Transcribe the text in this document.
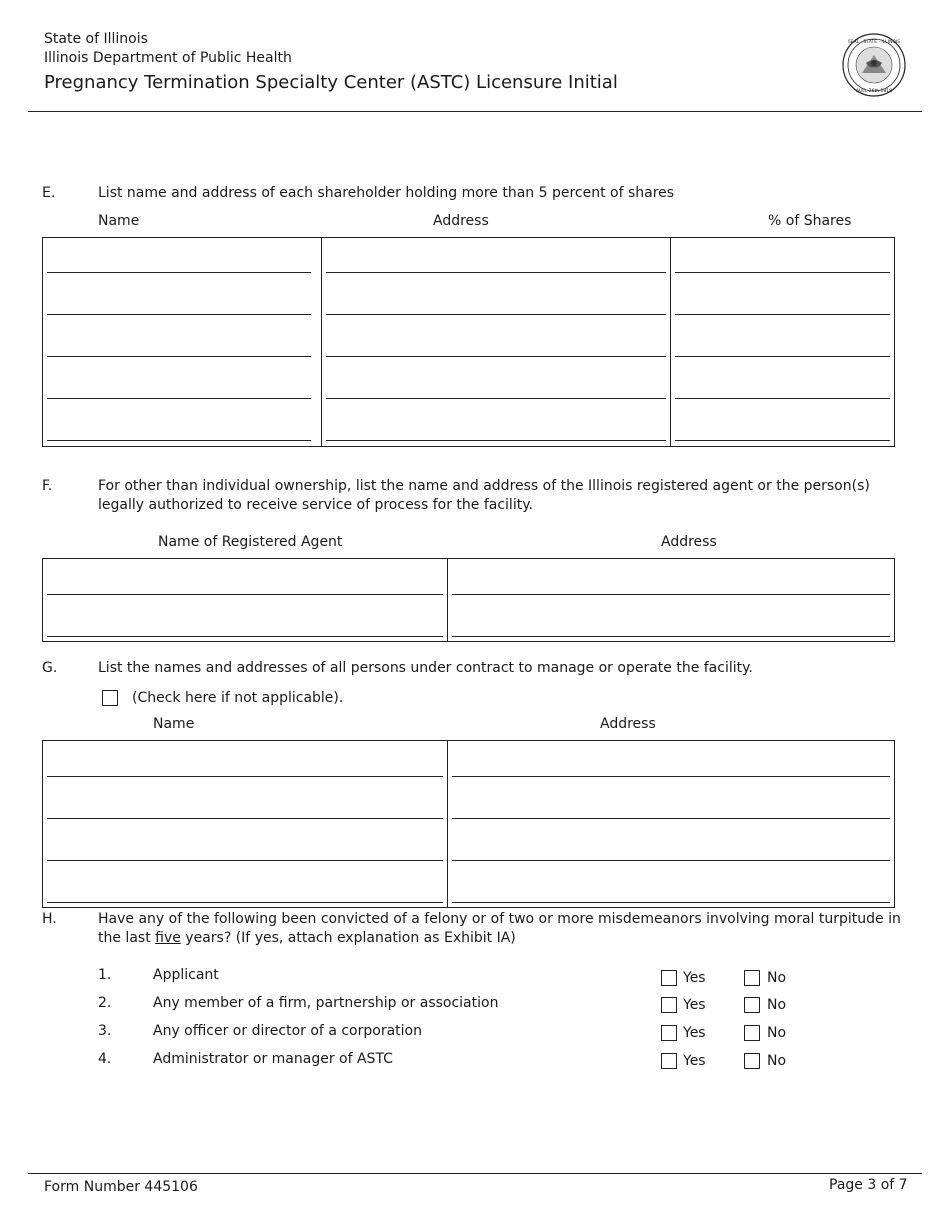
State of Illinois
Illinois Department of Public Health
Pregnancy Termination Specialty Center (ASTC) Licensure Initial
SEAL · STATE · ILLINOIS
AUG. 26th 1818
E.	List name and address of each shareholder holding more than 5 percent of shares
Name	Address	% of Shares
F.	For other than individual ownership, list the name and address of the Illinois registered agent or the person(s)
legally authorized to receive service of process for the facility.
Name of Registered Agent	Address
G.	List the names and addresses of all persons under contract to manage or operate the facility.
(Check here if not applicable).
Name	Address
H.	Have any of the following been convicted of a felony or of two or more misdemeanors involving moral turpitude in
the last five years? (If yes, attach explanation as Exhibit IA)
1.	Applicant	Yes	No
2.	Any member of a firm, partnership or association	Yes	No
3.	Any officer or director of a corporation	Yes	No
4.	Administrator or manager of ASTC	Yes	No
Form Number 445106	Page 3 of 7
